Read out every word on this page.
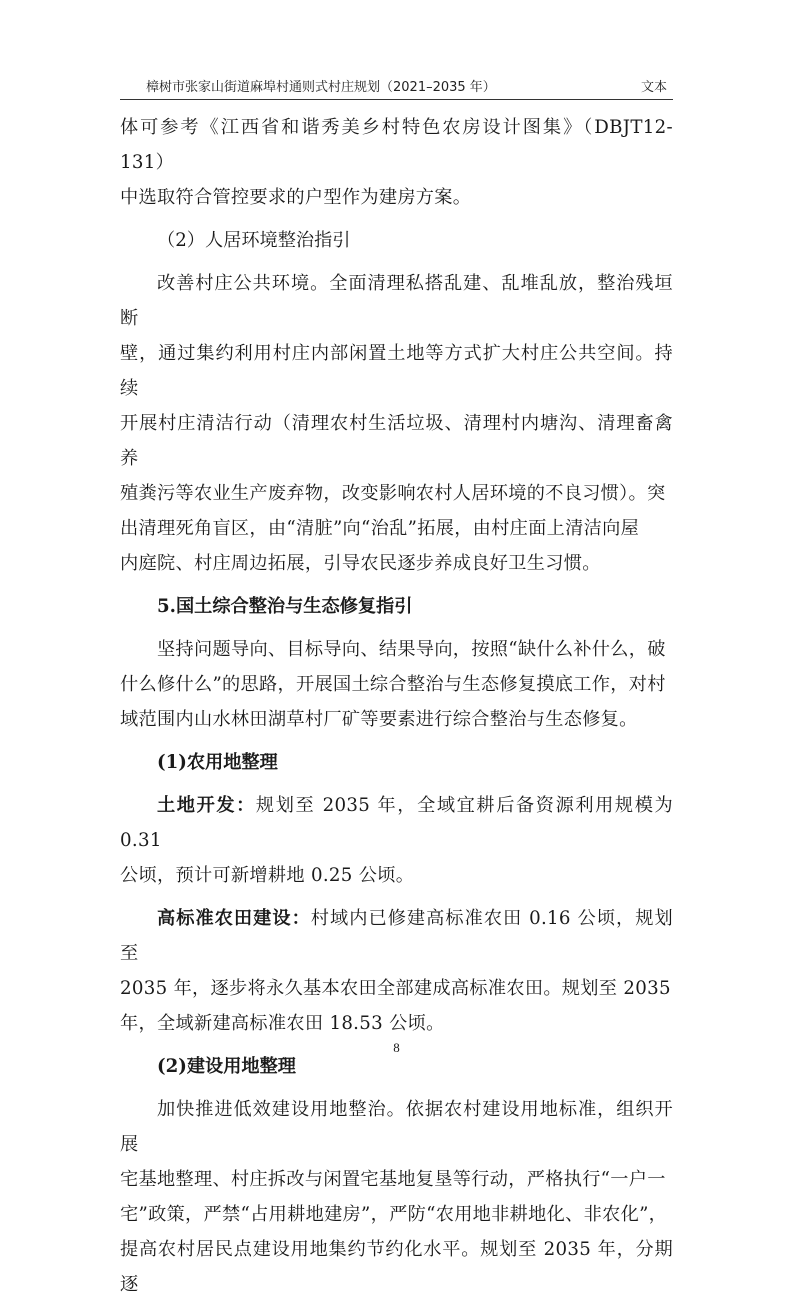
樟树市张家山街道麻埠村通则式村庄规划（2021–2035 年）	文本

体可参考《江西省和谐秀美乡村特色农房设计图集》（DBJT12-131）
中选取符合管控要求的户型作为建房方案。

（2）人居环境整治指引

改善村庄公共环境。全面清理私搭乱建、乱堆乱放，整治残垣断
壁，通过集约利用村庄内部闲置土地等方式扩大村庄公共空间。持续
开展村庄清洁行动（清理农村生活垃圾、清理村内塘沟、清理畜禽养
殖粪污等农业生产废弃物，改变影响农村人居环境的不良习惯）。突
出清理死角盲区，由“清脏”向“治乱”拓展，由村庄面上清洁向屋
内庭院、村庄周边拓展，引导农民逐步养成良好卫生习惯。

5.国土综合整治与生态修复指引

坚持问题导向、目标导向、结果导向，按照“缺什么补什么，破
什么修什么”的思路，开展国土综合整治与生态修复摸底工作，对村
域范围内山水林田湖草村厂矿等要素进行综合整治与生态修复。

(1)农用地整理

土地开发：规划至 2035 年，全域宜耕后备资源利用规模为 0.31
公顷，预计可新增耕地 0.25 公顷。

高标准农田建设：村域内已修建高标准农田 0.16 公顷，规划至
2035 年，逐步将永久基本农田全部建成高标准农田。规划至 2035
年，全域新建高标准农田 18.53 公顷。

(2)建设用地整理

加快推进低效建设用地整治。依据农村建设用地标准，组织开展
宅基地整理、村庄拆改与闲置宅基地复垦等行动，严格执行“一户一
宅”政策，严禁“占用耕地建房”，严防“农用地非耕地化、非农化”，
提高农村居民点建设用地集约节约化水平。规划至 2035 年，分期逐

8
